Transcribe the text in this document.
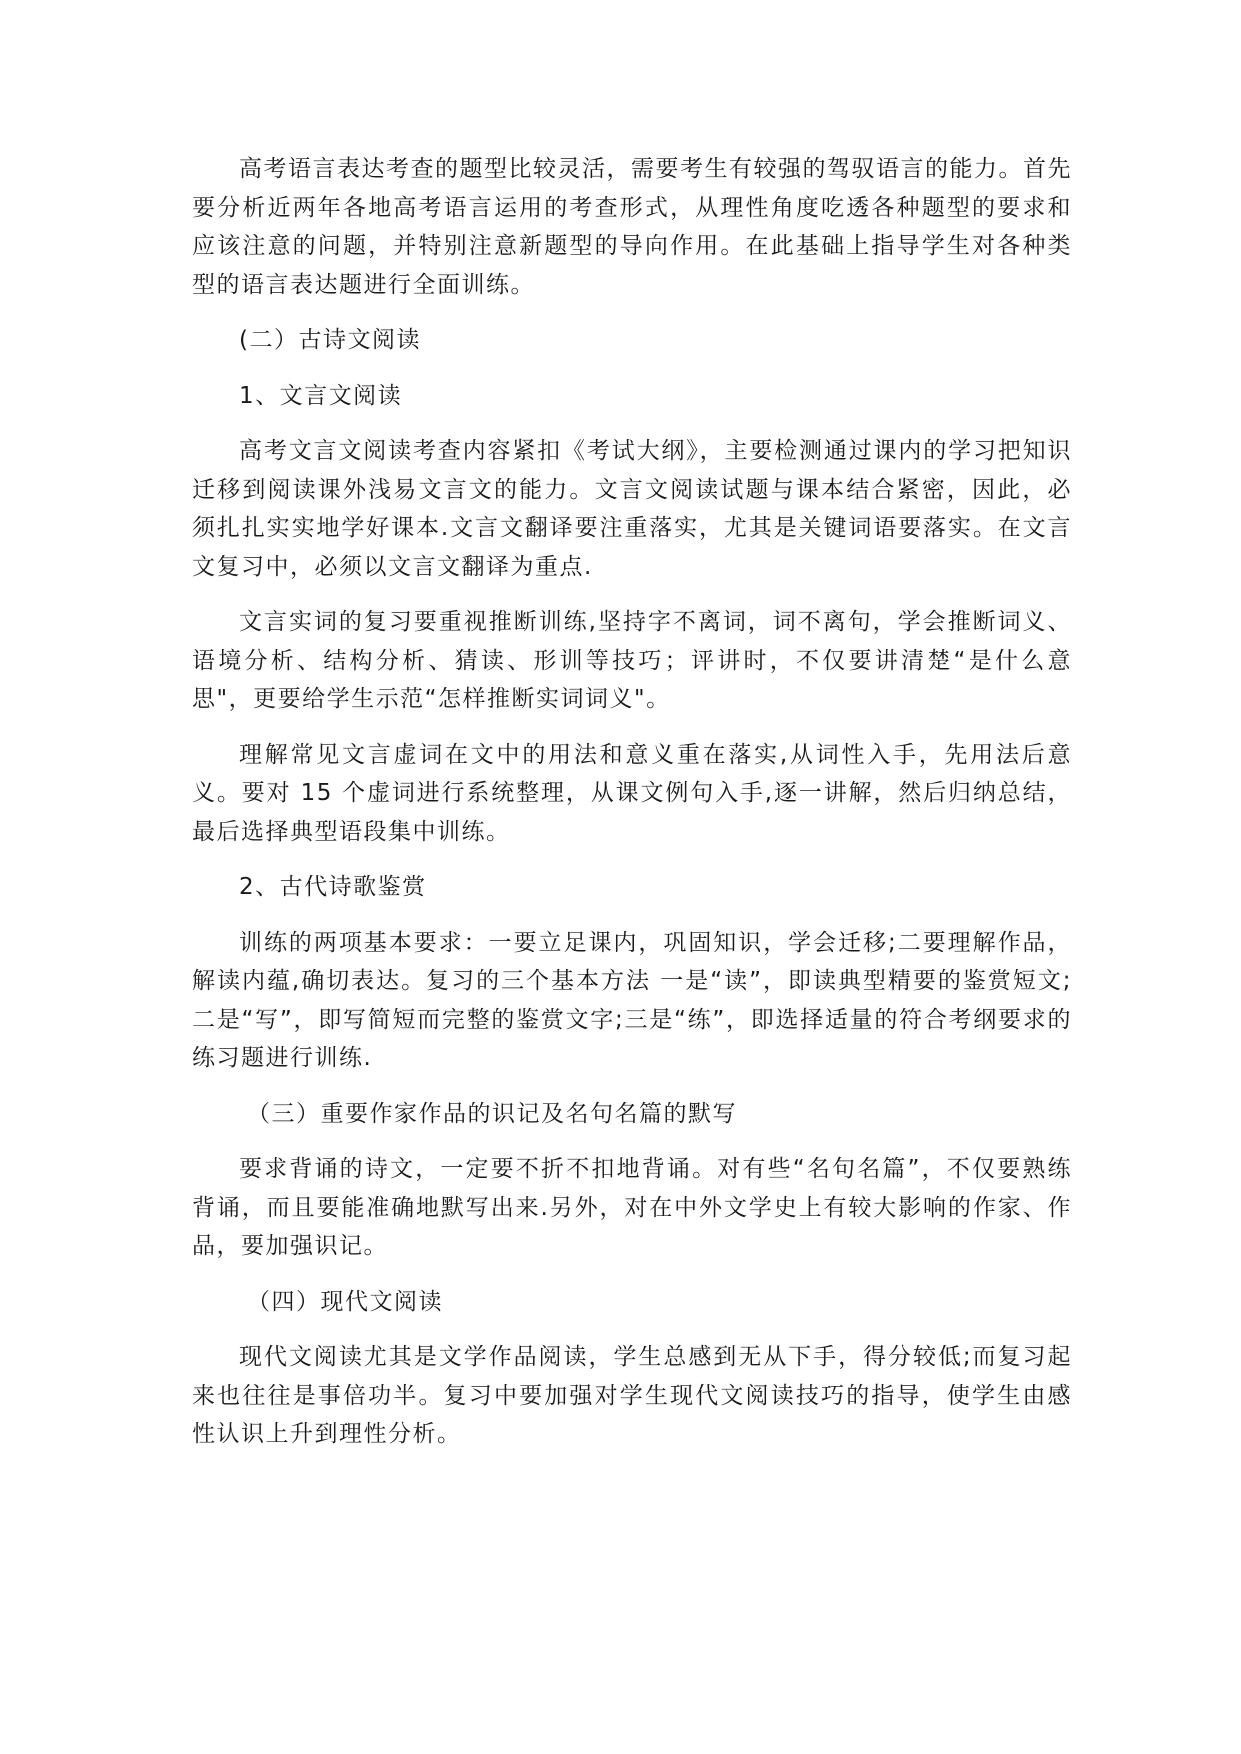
高考语言表达考查的题型比较灵活，需要考生有较强的驾驭语言的能力。首先要分析近两年各地高考语言运用的考查形式，从理性角度吃透各种题型的要求和应该注意的问题，并特别注意新题型的导向作用。在此基础上指导学生对各种类型的语言表达题进行全面训练。

(二）古诗文阅读

1、文言文阅读

高考文言文阅读考查内容紧扣《考试大纲》，主要检测通过课内的学习把知识迁移到阅读课外浅易文言文的能力。文言文阅读试题与课本结合紧密，因此，必须扎扎实实地学好课本.文言文翻译要注重落实，尤其是关键词语要落实。在文言文复习中，必须以文言文翻译为重点.

文言实词的复习要重视推断训练,坚持字不离词，词不离句，学会推断词义、语境分析、结构分析、猜读、形训等技巧；评讲时，不仅要讲清楚“是什么意思"，更要给学生示范“怎样推断实词词义"。

理解常见文言虚词在文中的用法和意义重在落实,从词性入手，先用法后意义。要对 15 个虚词进行系统整理，从课文例句入手,逐一讲解，然后归纳总结，最后选择典型语段集中训练。

2、古代诗歌鉴赏

训练的两项基本要求：一要立足课内，巩固知识，学会迁移;二要理解作品，解读内蕴,确切表达。复习的三个基本方法 一是“读”，即读典型精要的鉴赏短文;二是“写”，即写简短而完整的鉴赏文字;三是“练”，即选择适量的符合考纲要求的练习题进行训练.

（三）重要作家作品的识记及名句名篇的默写

要求背诵的诗文，一定要不折不扣地背诵。对有些“名句名篇”，不仅要熟练背诵，而且要能准确地默写出来.另外，对在中外文学史上有较大影响的作家、作品，要加强识记。

（四）现代文阅读

现代文阅读尤其是文学作品阅读，学生总感到无从下手，得分较低;而复习起来也往往是事倍功半。复习中要加强对学生现代文阅读技巧的指导，使学生由感性认识上升到理性分析。
